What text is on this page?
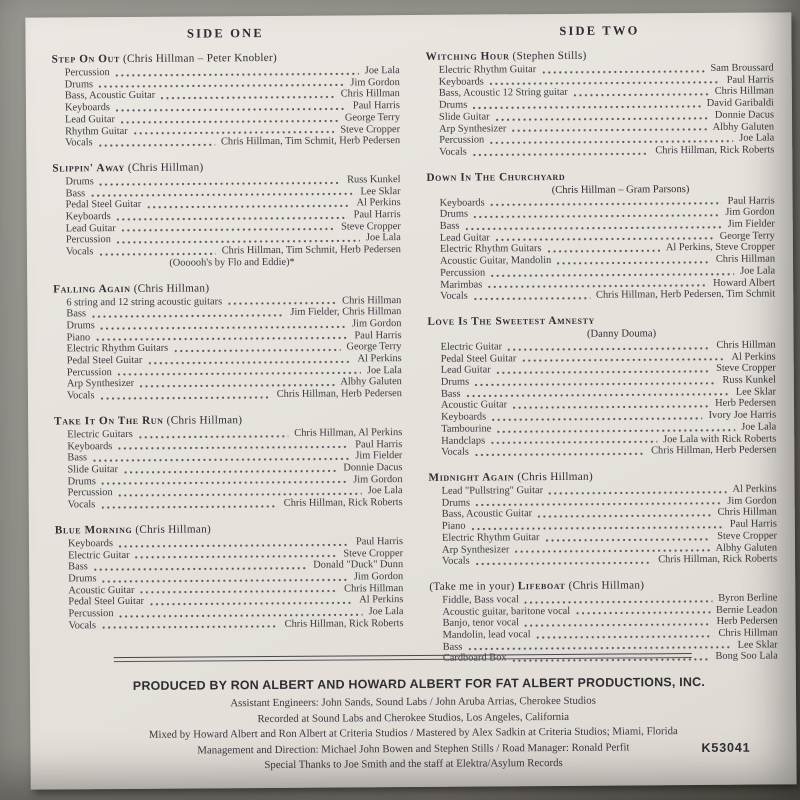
SIDE ONE
Step On Out (Chris Hillman – Peter Knobler)
Percussion	Joe Lala
Drums	Jim Gordon
Bass, Acoustic Guitar	Chris Hillman
Keyboards	Paul Harris
Lead Guitar	George Terry
Rhythm Guitar	Steve Cropper
Vocals	Chris Hillman, Tim Schmit, Herb Pedersen
Slippin' Away (Chris Hillman)
Drums	Russ Kunkel
Bass	Lee Sklar
Pedal Steel Guitar	Al Perkins
Keyboards	Paul Harris
Lead Guitar	Steve Cropper
Percussion	Joe Lala
Vocals	Chris Hillman, Tim Schmit, Herb Pedersen
(Oooooh's by Flo and Eddie)*
Falling Again (Chris Hillman)
6 string and 12 string acoustic guitars	Chris Hillman
Bass	Jim Fielder, Chris Hillman
Drums	Jim Gordon
Piano	Paul Harris
Electric Rhythm Guitars	George Terry
Pedal Steel Guitar	Al Perkins
Percussion	Joe Lala
Arp Synthesizer	Albhy Galuten
Vocals	Chris Hillman, Herb Pedersen
Take It On The Run (Chris Hillman)
Electric Guitars	Chris Hillman, Al Perkins
Keyboards	Paul Harris
Bass	Jim Fielder
Slide Guitar	Donnie Dacus
Drums	Jim Gordon
Percussion	Joe Lala
Vocals	Chris Hillman, Rick Roberts
Blue Morning (Chris Hillman)
Keyboards	Paul Harris
Electric Guitar	Steve Cropper
Bass	Donald "Duck" Dunn
Drums	Jim Gordon
Acoustic Guitar	Chris Hillman
Pedal Steel Guitar	Al Perkins
Percussion	Joe Lala
Vocals	Chris Hillman, Rick Roberts
SIDE TWO
Witching Hour (Stephen Stills)
Electric Rhythm Guitar	Sam Broussard
Keyboards	Paul Harris
Bass, Acoustic 12 String guitar	Chris Hillman
Drums	David Garibaldi
Slide Guitar	Donnie Dacus
Arp Synthesizer	Albhy Galuten
Percussion	Joe Lala
Vocals	Chris Hillman, Rick Roberts
Down In The Churchyard
(Chris Hillman – Gram Parsons)
Keyboards	Paul Harris
Drums	Jim Gordon
Bass	Jim Fielder
Lead Guitar	George Terry
Electric Rhythm Guitars	Al Perkins, Steve Cropper
Acoustic Guitar, Mandolin	Chris Hillman
Percussion	Joe Lala
Marimbas	Howard Albert
Vocals	Chris Hillman, Herb Pedersen, Tim Schmit
Love Is The Sweetest Amnesty
(Danny Douma)
Electric Guitar	Chris Hillman
Pedal Steel Guitar	Al Perkins
Lead Guitar	Steve Cropper
Drums	Russ Kunkel
Bass	Lee Sklar
Acoustic Guitar	Herb Pedersen
Keyboards	Ivory Joe Harris
Tambourine	Joe Lala
Handclaps	Joe Lala with Rick Roberts
Vocals	Chris Hillman, Herb Pedersen
Midnight Again (Chris Hillman)
Lead "Pullstring" Guitar	Al Perkins
Drums	Jim Gordon
Bass, Acoustic Guitar	Chris Hillman
Piano	Paul Harris
Electric Rhythm Guitar	Steve Cropper
Arp Synthesizer	Albhy Galuten
Vocals	Chris Hillman, Rick Roberts
(Take me in your) Lifeboat (Chris Hillman)
Fiddle, Bass vocal	Byron Berline
Acoustic guitar, baritone vocal	Bernie Leadon
Banjo, tenor vocal	Herb Pedersen
Mandolin, lead vocal	Chris Hillman
Bass	Lee Sklar
Cardboard Box	Bong Soo Lala
PRODUCED BY RON ALBERT AND HOWARD ALBERT FOR FAT ALBERT PRODUCTIONS, INC.
Assistant Engineers: John Sands, Sound Labs / John Aruba Arrias, Cherokee Studios
Recorded at Sound Labs and Cherokee Studios, Los Angeles, California
Mixed by Howard Albert and Ron Albert at Criteria Studios / Mastered by Alex Sadkin at Criteria Studios; Miami, Florida
Management and Direction: Michael John Bowen and Stephen Stills / Road Manager: Ronald Perfit
Special Thanks to Joe Smith and the staff at Elektra/Asylum Records
K53041
